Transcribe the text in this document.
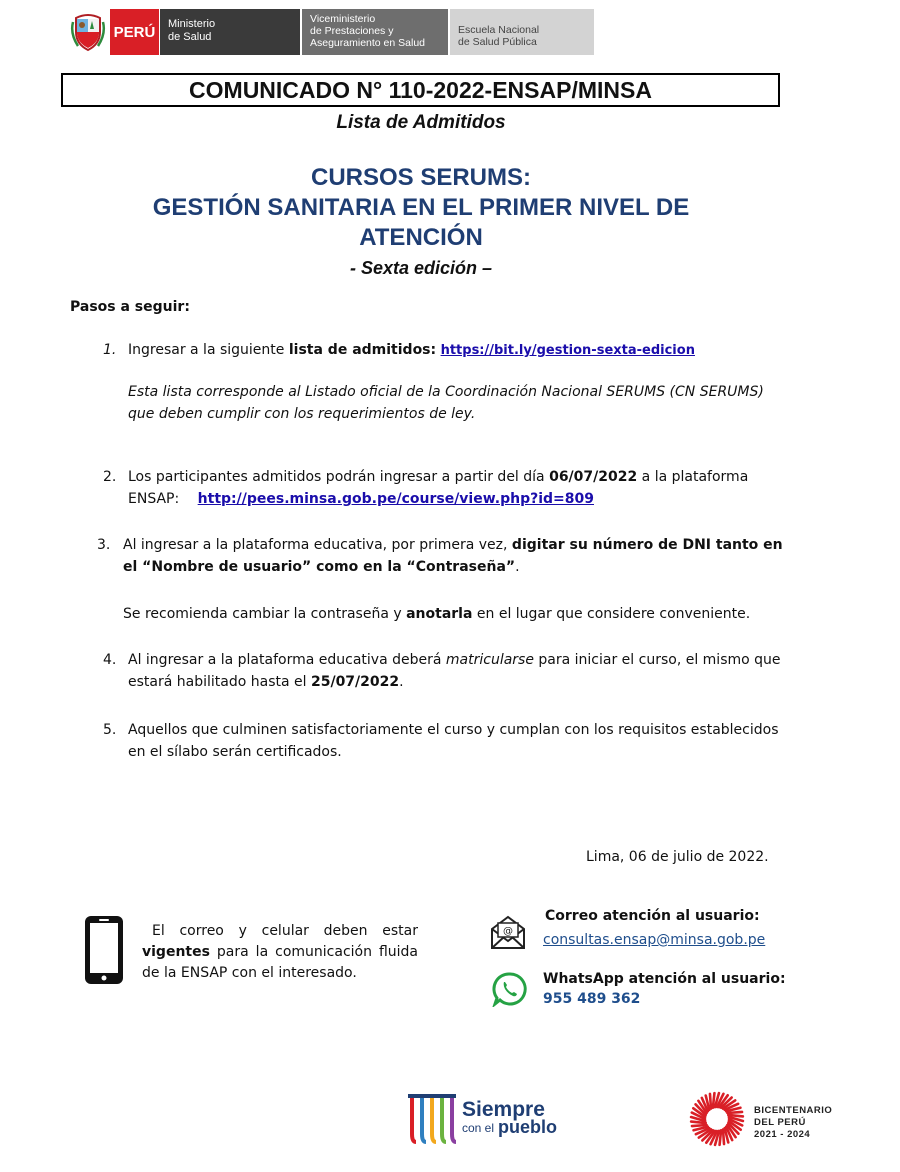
PERÚ	Ministerio
de Salud
Viceministerio
de Prestaciones y
Aseguramiento en Salud
Escuela Nacional
de Salud Pública
COMUNICADO N° 110-2022-ENSAP/MINSA
Lista de Admitidos
CURSOS SERUMS:
GESTIÓN SANITARIA EN EL PRIMER NIVEL DE
ATENCIÓN
- Sexta edición –
Pasos a seguir:
1. Ingresar a la siguiente lista de admitidos: https://bit.ly/gestion-sexta-edicion
Esta lista corresponde al Listado oficial de la Coordinación Nacional SERUMS (CN SERUMS)
que deben cumplir con los requerimientos de ley.
2. Los participantes admitidos podrán ingresar a partir del día 06/07/2022 a la plataforma
ENSAP: http://pees.minsa.gob.pe/course/view.php?id=809
3. Al ingresar a la plataforma educativa, por primera vez, digitar su número de DNI tanto en
el “Nombre de usuario” como en la “Contraseña”.
Se recomienda cambiar la contraseña y anotarla en el lugar que considere conveniente.
4. Al ingresar a la plataforma educativa deberá matricularse para iniciar el curso, el mismo que
estará habilitado hasta el 25/07/2022.
5. Aquellos que culminen satisfactoriamente el curso y cumplan con los requisitos establecidos
en el sílabo serán certificados.
Lima, 06 de julio de 2022.
El correo y celular deben estar
vigentes para la comunicación fluida
de la ENSAP con el interesado.
@
Correo atención al usuario:
consultas.ensap@minsa.gob.pe
WhatsApp atención al usuario:
955 489 362
Siempre
con el pueblo
BICENTENARIO
DEL PERÚ
2021 - 2024
